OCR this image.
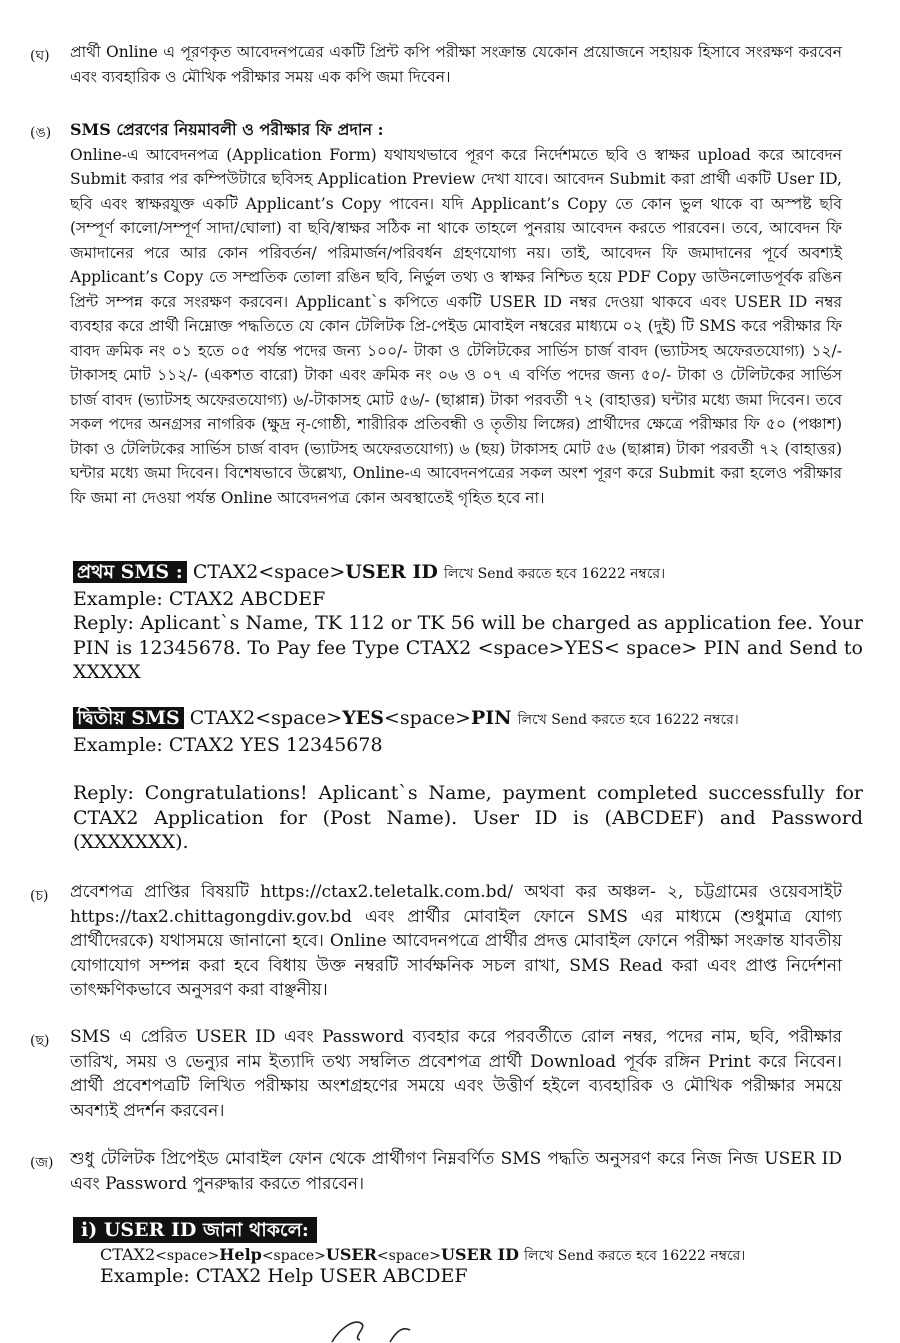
(ঘ) প্রার্থী Online এ পূরণকৃত আবেদনপত্রের একটি প্রিন্ট কপি পরীক্ষা সংক্রান্ত যেকোন প্রয়োজনে সহায়ক হিসাবে সংরক্ষণ করবেন এবং ব্যবহারিক ও মৌখিক পরীক্ষার সময় এক কপি জমা দিবেন।
(ঙ) SMS প্রেরণের নিয়মাবলী ও পরীক্ষার ফি প্রদান :
Online-এ আবেদনপত্র (Application Form) যথাযথভাবে পূরণ করে নির্দেশমতে ছবি ও স্বাক্ষর upload করে আবেদন Submit করার পর কম্পিউটারে ছবিসহ Application Preview দেখা যাবে। আবেদন Submit করা প্রার্থী একটি User ID, ছবি এবং স্বাক্ষরযুক্ত একটি Applicant’s Copy পাবেন। যদি Applicant’s Copy তে কোন ভুল থাকে বা অস্পষ্ট ছবি (সম্পূর্ণ কালো/সম্পূর্ণ সাদা/ঘোলা) বা ছবি/স্বাক্ষর সঠিক না থাকে তাহলে পুনরায় আবেদন করতে পারবেন। তবে, আবেদন ফি জমাদানের পরে আর কোন পরিবর্তন/ পরিমার্জন/পরিবর্ধন গ্রহণযোগ্য নয়। তাই, আবেদন ফি জমাদানের পূর্বে অবশ্যই Applicant’s Copy তে সম্প্রতিক তোলা রঙিন ছবি, নির্ভুল তথ্য ও স্বাক্ষর নিশ্চিত হয়ে PDF Copy ডাউনলোডপূর্বক রঙিন প্রিন্ট সম্পন্ন করে সংরক্ষণ করবেন। Applicant`s কপিতে একটি USER ID নম্বর দেওয়া থাকবে এবং USER ID নম্বর ব্যবহার করে প্রার্থী নিম্নোক্ত পদ্ধতিতে যে কোন টেলিটক প্রি-পেইড মোবাইল নম্বরের মাধ্যমে ০২ (দুই) টি SMS করে পরীক্ষার ফি বাবদ ক্রমিক নং ০১ হতে ০৫ পর্যন্ত পদের জন্য ১০০/- টাকা ও টেলিটকের সার্ভিস চার্জ বাবদ (ভ্যাটসহ অফেরতযোগ্য) ১২/- টাকাসহ মোট ১১২/- (একশত বারো) টাকা এবং ক্রমিক নং ০৬ ও ০৭ এ বর্ণিত পদের জন্য ৫০/- টাকা ও টেলিটকের সার্ভিস চার্জ বাবদ (ভ্যাটসহ অফেরতযোগ্য) ৬/-টাকাসহ মোট ৫৬/- (ছাপ্পান্ন) টাকা পরবর্তী ৭২ (বাহাত্তর) ঘন্টার মধ্যে জমা দিবেন। তবে সকল পদের অনগ্রসর নাগরিক (ক্ষুদ্র নৃ-গোষ্ঠী, শারীরিক প্রতিবন্ধী ও তৃতীয় লিঙ্গের) প্রার্থীদের ক্ষেত্রে পরীক্ষার ফি ৫০ (পঞ্চাশ) টাকা ও টেলিটকের সার্ভিস চার্জ বাবদ (ভ্যাটসহ অফেরতযোগ্য) ৬ (ছয়) টাকাসহ মোট ৫৬ (ছাপ্পান্ন) টাকা পরবর্তী ৭২ (বাহাত্তর) ঘন্টার মধ্যে জমা দিবেন। বিশেষভাবে উল্লেখ্য, Online-এ আবেদনপত্রের সকল অংশ পূরণ করে Submit করা হলেও পরীক্ষার ফি জমা না দেওয়া পর্যন্ত Online আবেদনপত্র কোন অবস্থাতেই গৃহিত হবে না।
প্রথম SMS : CTAX2<space>USER ID লিখে Send করতে হবে 16222 নম্বরে।
Example: CTAX2 ABCDEF
Reply: Aplicant`s Name, TK 112 or TK 56 will be charged as application fee. Your PIN is 12345678. To Pay fee Type CTAX2 <space>YES< space> PIN and Send to XXXXX
দ্বিতীয় SMS CTAX2<space>YES<space>PIN লিখে Send করতে হবে 16222 নম্বরে।
Example: CTAX2 YES 12345678
Reply: Congratulations! Aplicant`s Name, payment completed successfully for CTAX2 Application for (Post Name). User ID is (ABCDEF) and Password (XXXXXXX).
(চ) প্রবেশপত্র প্রাপ্তির বিষয়টি https://ctax2.teletalk.com.bd/ অথবা কর অঞ্চল- ২, চট্টগ্রামের ওয়েবসাইট https://tax2.chittagongdiv.gov.bd এবং প্রার্থীর মোবাইল ফোনে SMS এর মাধ্যমে (শুধুমাত্র যোগ্য প্রার্থীদেরকে) যথাসময়ে জানানো হবে। Online আবেদনপত্রে প্রার্থীর প্রদত্ত মোবাইল ফোনে পরীক্ষা সংক্রান্ত যাবতীয় যোগাযোগ সম্পন্ন করা হবে বিধায় উক্ত নম্বরটি সার্বক্ষনিক সচল রাখা, SMS Read করা এবং প্রাপ্ত নির্দেশনা তাৎক্ষণিকভাবে অনুসরণ করা বাঞ্ছনীয়।
(ছ) SMS এ প্রেরিত USER ID এবং Password ব্যবহার করে পরবর্তীতে রোল নম্বর, পদের নাম, ছবি, পরীক্ষার তারিখ, সময় ও ভেন্যুর নাম ইত্যাদি তথ্য সম্বলিত প্রবেশপত্র প্রার্থী Download পূর্বক রঙ্গিন Print করে নিবেন। প্রার্থী প্রবেশপত্রটি লিখিত পরীক্ষায় অংশগ্রহণের সময়ে এবং উত্তীর্ণ হইলে ব্যবহারিক ও মৌখিক পরীক্ষার সময়ে অবশ্যই প্রদর্শন করবেন।
(জ) শুধু টেলিটক প্রিপেইড মোবাইল ফোন থেকে প্রার্থীগণ নিম্নবর্ণিত SMS পদ্ধতি অনুসরণ করে নিজ নিজ USER ID এবং Password পুনরুদ্ধার করতে পারবেন।
i) USER ID জানা থাকলে:
CTAX2<space>Help<space>USER<space>USER ID লিখে Send করতে হবে 16222 নম্বরে।
Example: CTAX2 Help USER ABCDEF
